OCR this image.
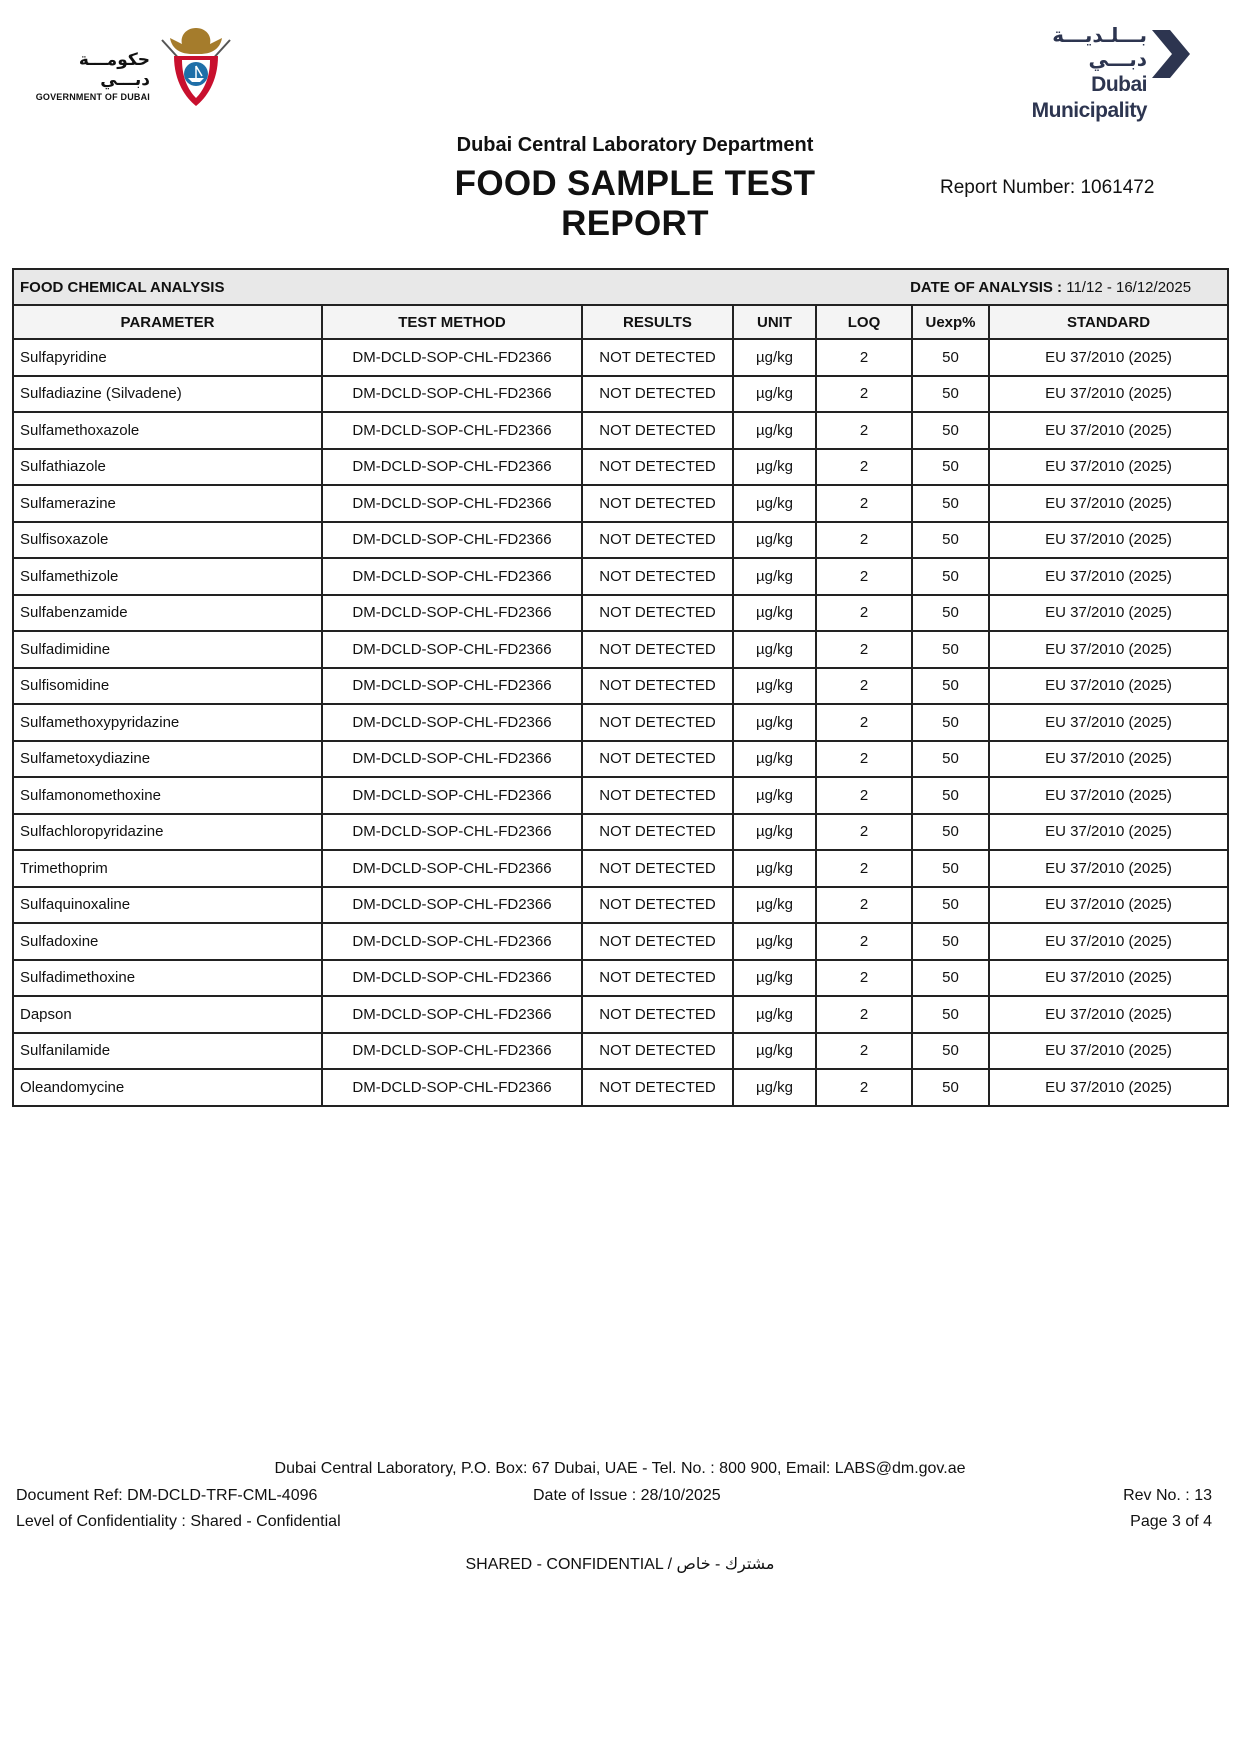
حكومـــة دبـــي
GOVERNMENT OF DUBAI
بـــلـديـــة دبـــي
Dubai Municipality
Dubai Central Laboratory Department
FOOD SAMPLE TEST REPORT
Report Number: 1061472
FOOD CHEMICAL ANALYSIS DATE OF ANALYSIS : 11/12 - 16/12/2025						

PARAMETER	TEST METHOD	RESULTS	UNIT	LOQ	Uexp%	STANDARD
Sulfapyridine	DM-DCLD-SOP-CHL-FD2366	NOT DETECTED	µg/kg	2	50	EU 37/2010 (2025)
Sulfadiazine (Silvadene)	DM-DCLD-SOP-CHL-FD2366	NOT DETECTED	µg/kg	2	50	EU 37/2010 (2025)
Sulfamethoxazole	DM-DCLD-SOP-CHL-FD2366	NOT DETECTED	µg/kg	2	50	EU 37/2010 (2025)
Sulfathiazole	DM-DCLD-SOP-CHL-FD2366	NOT DETECTED	µg/kg	2	50	EU 37/2010 (2025)
Sulfamerazine	DM-DCLD-SOP-CHL-FD2366	NOT DETECTED	µg/kg	2	50	EU 37/2010 (2025)
Sulfisoxazole	DM-DCLD-SOP-CHL-FD2366	NOT DETECTED	µg/kg	2	50	EU 37/2010 (2025)
Sulfamethizole	DM-DCLD-SOP-CHL-FD2366	NOT DETECTED	µg/kg	2	50	EU 37/2010 (2025)
Sulfabenzamide	DM-DCLD-SOP-CHL-FD2366	NOT DETECTED	µg/kg	2	50	EU 37/2010 (2025)
Sulfadimidine	DM-DCLD-SOP-CHL-FD2366	NOT DETECTED	µg/kg	2	50	EU 37/2010 (2025)
Sulfisomidine	DM-DCLD-SOP-CHL-FD2366	NOT DETECTED	µg/kg	2	50	EU 37/2010 (2025)
Sulfamethoxypyridazine	DM-DCLD-SOP-CHL-FD2366	NOT DETECTED	µg/kg	2	50	EU 37/2010 (2025)
Sulfametoxydiazine	DM-DCLD-SOP-CHL-FD2366	NOT DETECTED	µg/kg	2	50	EU 37/2010 (2025)
Sulfamonomethoxine	DM-DCLD-SOP-CHL-FD2366	NOT DETECTED	µg/kg	2	50	EU 37/2010 (2025)
Sulfachloropyridazine	DM-DCLD-SOP-CHL-FD2366	NOT DETECTED	µg/kg	2	50	EU 37/2010 (2025)
Trimethoprim	DM-DCLD-SOP-CHL-FD2366	NOT DETECTED	µg/kg	2	50	EU 37/2010 (2025)
Sulfaquinoxaline	DM-DCLD-SOP-CHL-FD2366	NOT DETECTED	µg/kg	2	50	EU 37/2010 (2025)
Sulfadoxine	DM-DCLD-SOP-CHL-FD2366	NOT DETECTED	µg/kg	2	50	EU 37/2010 (2025)
Sulfadimethoxine	DM-DCLD-SOP-CHL-FD2366	NOT DETECTED	µg/kg	2	50	EU 37/2010 (2025)
Dapson	DM-DCLD-SOP-CHL-FD2366	NOT DETECTED	µg/kg	2	50	EU 37/2010 (2025)
Sulfanilamide	DM-DCLD-SOP-CHL-FD2366	NOT DETECTED	µg/kg	2	50	EU 37/2010 (2025)
Oleandomycine	DM-DCLD-SOP-CHL-FD2366	NOT DETECTED	µg/kg	2	50	EU 37/2010 (2025)
Dubai Central Laboratory, P.O. Box: 67 Dubai, UAE - Tel. No. : 800 900, Email: LABS@dm.gov.ae
Document Ref: DM-DCLD-TRF-CML-4096	Date of Issue : 28/10/2025	Rev No. : 13
Level of Confidentiality : Shared - Confidential	Page 3 of 4
SHARED - CONFIDENTIAL / مشترك - خاص
